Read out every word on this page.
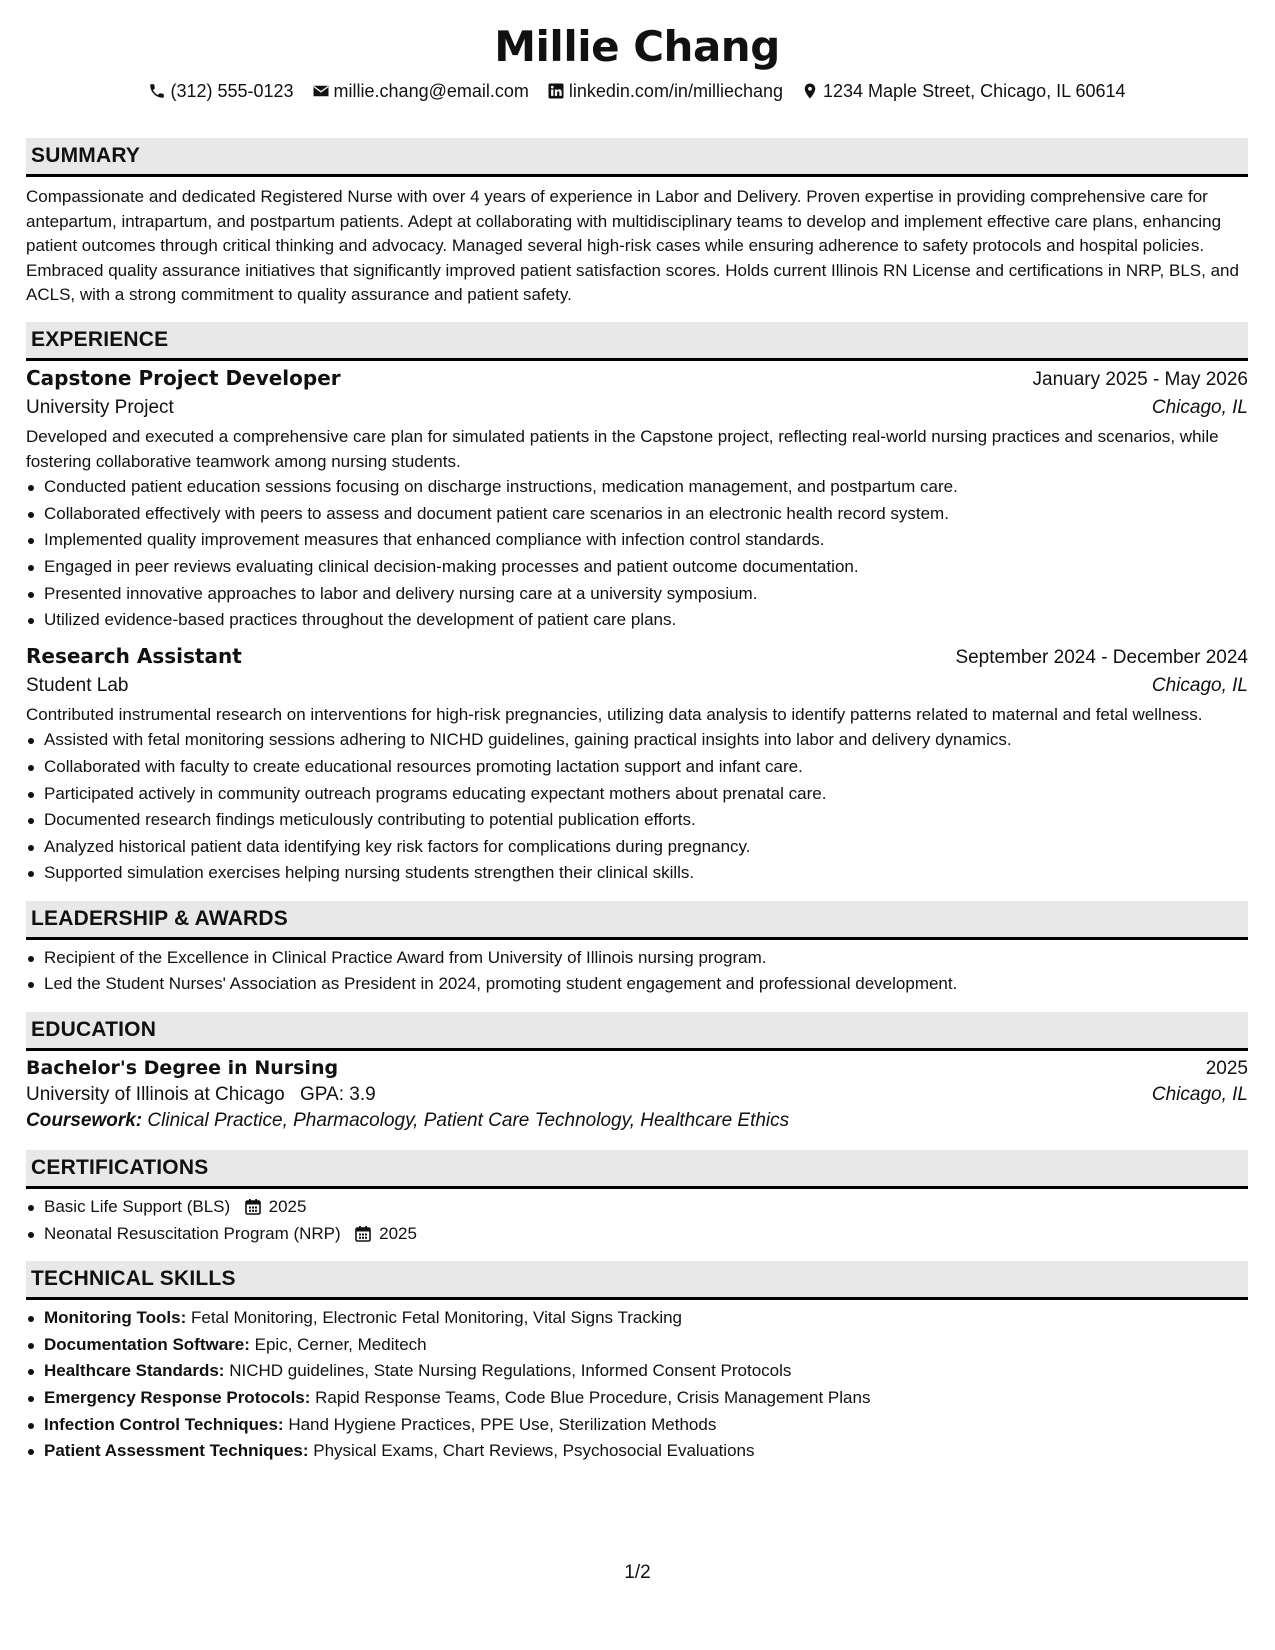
Millie Chang
(312) 555-0123 millie.chang@email.com linkedin.com/in/milliechang 1234 Maple Street, Chicago, IL 60614
SUMMARY

Compassionate and dedicated Registered Nurse with over 4 years of experience in Labor and Delivery. Proven expertise in providing comprehensive care for antepartum, intrapartum, and postpartum patients. Adept at collaborating with multidisciplinary teams to develop and implement effective care plans, enhancing patient outcomes through critical thinking and advocacy. Managed several high-risk cases while ensuring adherence to safety protocols and hospital policies. Embraced quality assurance initiatives that significantly improved patient satisfaction scores. Holds current Illinois RN License and certifications in NRP, BLS, and ACLS, with a strong commitment to quality assurance and patient safety.

EXPERIENCE
Capstone Project Developer	January 2025 - May 2026
University Project	Chicago, IL

Developed and executed a comprehensive care plan for simulated patients in the Capstone project, reflecting real-world nursing practices and scenarios, while fostering collaborative teamwork among nursing students.

Conducted patient education sessions focusing on discharge instructions, medication management, and postpartum care.
Collaborated effectively with peers to assess and document patient care scenarios in an electronic health record system.
Implemented quality improvement measures that enhanced compliance with infection control standards.
Engaged in peer reviews evaluating clinical decision-making processes and patient outcome documentation.
Presented innovative approaches to labor and delivery nursing care at a university symposium.
Utilized evidence-based practices throughout the development of patient care plans.
Research Assistant	September 2024 - December 2024
Student Lab	Chicago, IL

Contributed instrumental research on interventions for high-risk pregnancies, utilizing data analysis to identify patterns related to maternal and fetal wellness.

Assisted with fetal monitoring sessions adhering to NICHD guidelines, gaining practical insights into labor and delivery dynamics.
Collaborated with faculty to create educational resources promoting lactation support and infant care.
Participated actively in community outreach programs educating expectant mothers about prenatal care.
Documented research findings meticulously contributing to potential publication efforts.
Analyzed historical patient data identifying key risk factors for complications during pregnancy.
Supported simulation exercises helping nursing students strengthen their clinical skills.
LEADERSHIP & AWARDS
Recipient of the Excellence in Clinical Practice Award from University of Illinois nursing program.
Led the Student Nurses' Association as President in 2024, promoting student engagement and professional development.
EDUCATION
Bachelor's Degree in Nursing	2025
University of Illinois at Chicago GPA: 3.9	Chicago, IL
Coursework: Clinical Practice, Pharmacology, Patient Care Technology, Healthcare Ethics
CERTIFICATIONS
Basic Life Support (BLS) 2025
Neonatal Resuscitation Program (NRP) 2025
TECHNICAL SKILLS
Monitoring Tools: Fetal Monitoring, Electronic Fetal Monitoring, Vital Signs Tracking
Documentation Software: Epic, Cerner, Meditech
Healthcare Standards: NICHD guidelines, State Nursing Regulations, Informed Consent Protocols
Emergency Response Protocols: Rapid Response Teams, Code Blue Procedure, Crisis Management Plans
Infection Control Techniques: Hand Hygiene Practices, PPE Use, Sterilization Methods
Patient Assessment Techniques: Physical Exams, Chart Reviews, Psychosocial Evaluations
1/2
